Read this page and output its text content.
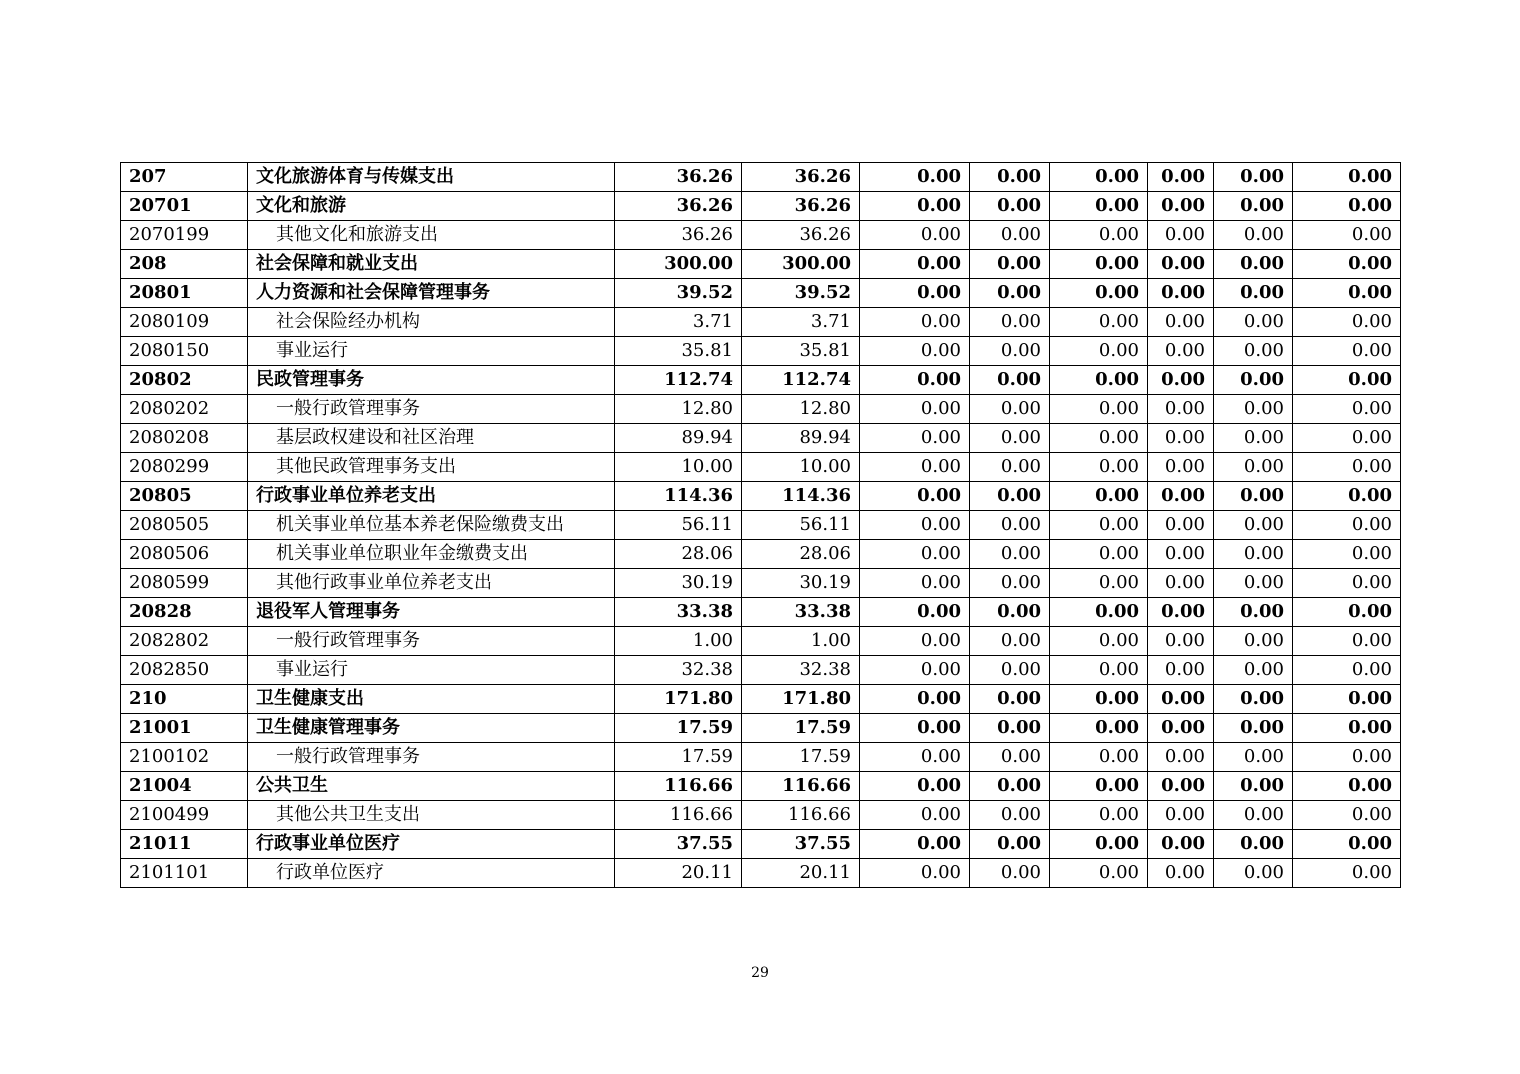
207	文化旅游体育与传媒支出	36.26	36.26	0.00	0.00	0.00	0.00	0.00	0.00
20701	文化和旅游	36.26	36.26	0.00	0.00	0.00	0.00	0.00	0.00
2070199	其他文化和旅游支出	36.26	36.26	0.00	0.00	0.00	0.00	0.00	0.00
208	社会保障和就业支出	300.00	300.00	0.00	0.00	0.00	0.00	0.00	0.00
20801	人力资源和社会保障管理事务	39.52	39.52	0.00	0.00	0.00	0.00	0.00	0.00
2080109	社会保险经办机构	3.71	3.71	0.00	0.00	0.00	0.00	0.00	0.00
2080150	事业运行	35.81	35.81	0.00	0.00	0.00	0.00	0.00	0.00
20802	民政管理事务	112.74	112.74	0.00	0.00	0.00	0.00	0.00	0.00
2080202	一般行政管理事务	12.80	12.80	0.00	0.00	0.00	0.00	0.00	0.00
2080208	基层政权建设和社区治理	89.94	89.94	0.00	0.00	0.00	0.00	0.00	0.00
2080299	其他民政管理事务支出	10.00	10.00	0.00	0.00	0.00	0.00	0.00	0.00
20805	行政事业单位养老支出	114.36	114.36	0.00	0.00	0.00	0.00	0.00	0.00
2080505	机关事业单位基本养老保险缴费支出	56.11	56.11	0.00	0.00	0.00	0.00	0.00	0.00
2080506	机关事业单位职业年金缴费支出	28.06	28.06	0.00	0.00	0.00	0.00	0.00	0.00
2080599	其他行政事业单位养老支出	30.19	30.19	0.00	0.00	0.00	0.00	0.00	0.00
20828	退役军人管理事务	33.38	33.38	0.00	0.00	0.00	0.00	0.00	0.00
2082802	一般行政管理事务	1.00	1.00	0.00	0.00	0.00	0.00	0.00	0.00
2082850	事业运行	32.38	32.38	0.00	0.00	0.00	0.00	0.00	0.00
210	卫生健康支出	171.80	171.80	0.00	0.00	0.00	0.00	0.00	0.00
21001	卫生健康管理事务	17.59	17.59	0.00	0.00	0.00	0.00	0.00	0.00
2100102	一般行政管理事务	17.59	17.59	0.00	0.00	0.00	0.00	0.00	0.00
21004	公共卫生	116.66	116.66	0.00	0.00	0.00	0.00	0.00	0.00
2100499	其他公共卫生支出	116.66	116.66	0.00	0.00	0.00	0.00	0.00	0.00
21011	行政事业单位医疗	37.55	37.55	0.00	0.00	0.00	0.00	0.00	0.00
2101101	行政单位医疗	20.11	20.11	0.00	0.00	0.00	0.00	0.00	0.00
29
